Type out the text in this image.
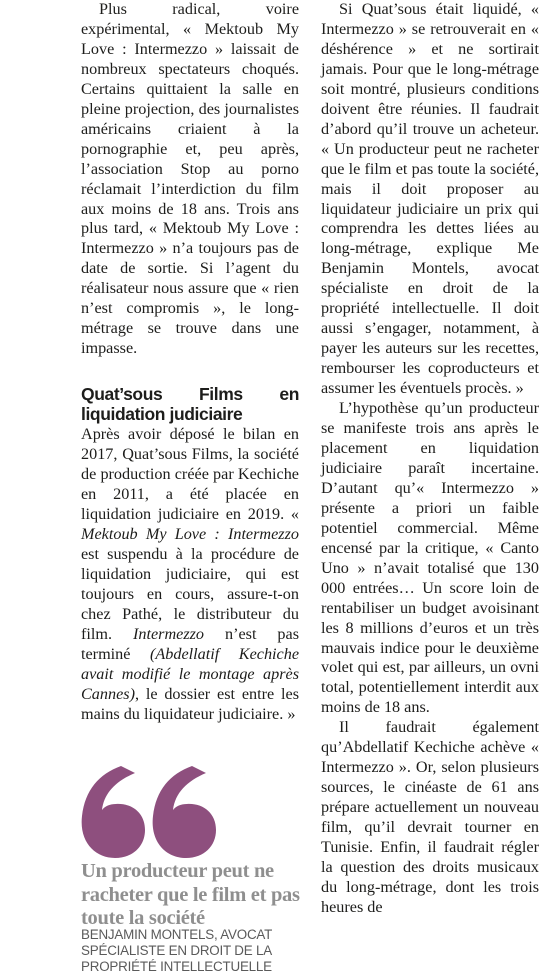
Plus radical, voire expérimental, « Mektoub My Love : Intermezzo » laissait de nombreux spectateurs choqués. Certains quittaient la salle en pleine projection, des journalistes américains criaient à la pornographie et, peu après, l’association Stop au porno réclamait l’interdiction du film aux moins de 18 ans. Trois ans plus tard, « Mektoub My Love : Intermezzo » n’a toujours pas de date de sortie. Si l’agent du réalisateur nous assure que « rien n’est compromis », le long-métrage se trouve dans une impasse.

Quat’sous Films en liquidation judiciaire

Après avoir déposé le bilan en 2017, Quat’sous Films, la société de production créée par Kechiche en 2011, a été placée en liquidation judiciaire en 2019. « Mektoub My Love : Intermezzo est suspendu à la procédure de liquidation judiciaire, qui est toujours en cours, assure-t-on chez Pathé, le distributeur du film. Intermezzo n’est pas terminé (Abdellatif Kechiche avait modifié le montage après Cannes), le dossier est entre les mains du liquidateur judiciaire. »

Un producteur peut ne racheter que le film et pas toute la société
BENJAMIN MONTELS, AVOCAT SPÉCIALISTE EN DROIT DE LA PROPRIÉTÉ INTELLECTUELLE

Si Quat’sous était liquidé, « Intermezzo » se retrouverait en « déshérence » et ne sortirait jamais. Pour que le long-métrage soit montré, plusieurs conditions doivent être réunies. Il faudrait d’abord qu’il trouve un acheteur. « Un producteur peut ne racheter que le film et pas toute la société, mais il doit proposer au liquidateur judiciaire un prix qui comprendra les dettes liées au long-métrage, explique Me Benjamin Montels, avocat spécialiste en droit de la propriété intellectuelle. Il doit aussi s’engager, notamment, à payer les auteurs sur les recettes, rembourser les coproducteurs et assumer les éventuels procès. »

L’hypothèse qu’un producteur se manifeste trois ans après le placement en liquidation judiciaire paraît incertaine. D’autant qu’« Intermezzo » présente a priori un faible potentiel commercial. Même encensé par la critique, « Canto Uno » n’avait totalisé que 130 000 entrées… Un score loin de rentabiliser un budget avoisinant les 8 millions d’euros et un très mauvais indice pour le deuxième volet qui est, par ailleurs, un ovni total, potentiellement interdit aux moins de 18 ans.

Il faudrait également qu’Abdellatif Kechiche achève « Intermezzo ». Or, selon plusieurs sources, le cinéaste de 61 ans prépare actuellement un nouveau film, qu’il devrait tourner en Tunisie. Enfin, il faudrait régler la question des droits musicaux du long-métrage, dont les trois heures de
